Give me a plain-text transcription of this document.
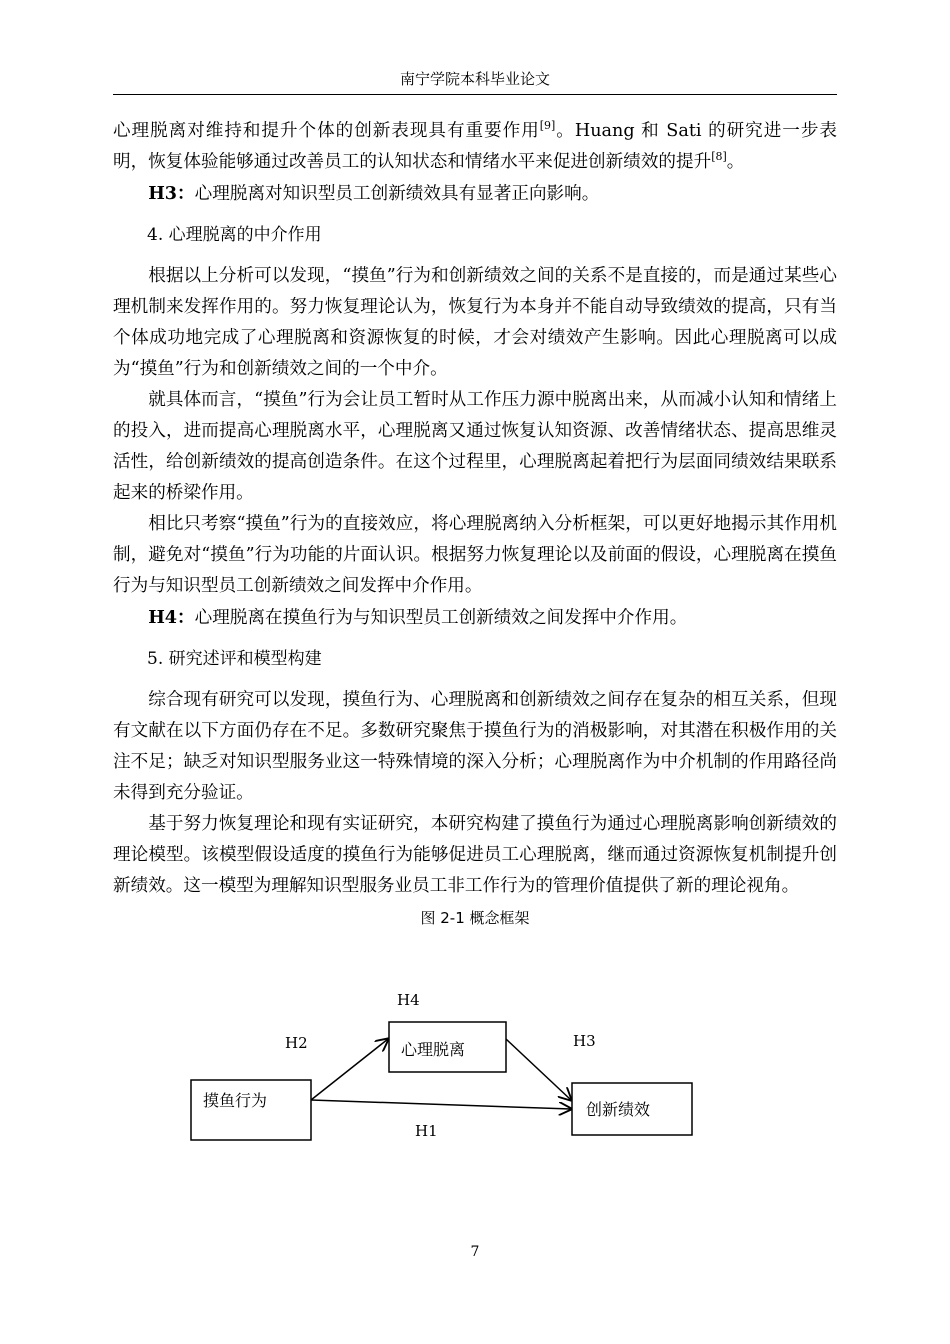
南宁学院本科毕业论文

心理脱离对维持和提升个体的创新表现具有重要作用[9]。Huang 和 Sati 的研究进一步表明，恢复体验能够通过改善员工的认知状态和情绪水平来促进创新绩效的提升[8]。

H3：心理脱离对知识型员工创新绩效具有显著正向影响。

4. 心理脱离的中介作用

根据以上分析可以发现，“摸鱼”行为和创新绩效之间的关系不是直接的，而是通过某些心理机制来发挥作用的。努力恢复理论认为，恢复行为本身并不能自动导致绩效的提高，只有当个体成功地完成了心理脱离和资源恢复的时候，才会对绩效产生影响。因此心理脱离可以成为“摸鱼”行为和创新绩效之间的一个中介。

就具体而言，“摸鱼”行为会让员工暂时从工作压力源中脱离出来，从而减小认知和情绪上的投入，进而提高心理脱离水平，心理脱离又通过恢复认知资源、改善情绪状态、提高思维灵活性，给创新绩效的提高创造条件。在这个过程里，心理脱离起着把行为层面同绩效结果联系起来的桥梁作用。

相比只考察“摸鱼”行为的直接效应，将心理脱离纳入分析框架，可以更好地揭示其作用机制，避免对“摸鱼”行为功能的片面认识。根据努力恢复理论以及前面的假设，心理脱离在摸鱼行为与知识型员工创新绩效之间发挥中介作用。

H4：心理脱离在摸鱼行为与知识型员工创新绩效之间发挥中介作用。

5. 研究述评和模型构建

综合现有研究可以发现，摸鱼行为、心理脱离和创新绩效之间存在复杂的相互关系，但现有文献在以下方面仍存在不足。多数研究聚焦于摸鱼行为的消极影响，对其潜在积极作用的关注不足；缺乏对知识型服务业这一特殊情境的深入分析；心理脱离作为中介机制的作用路径尚未得到充分验证。

基于努力恢复理论和现有实证研究，本研究构建了摸鱼行为通过心理脱离影响创新绩效的理论模型。该模型假设适度的摸鱼行为能够促进员工心理脱离，继而通过资源恢复机制提升创新绩效。这一模型为理解知识型服务业员工非工作行为的管理价值提供了新的理论视角。

图 2-1 概念框架
摸鱼行为
心理脱离
创新绩效
H4
H2	H3
H1
7
